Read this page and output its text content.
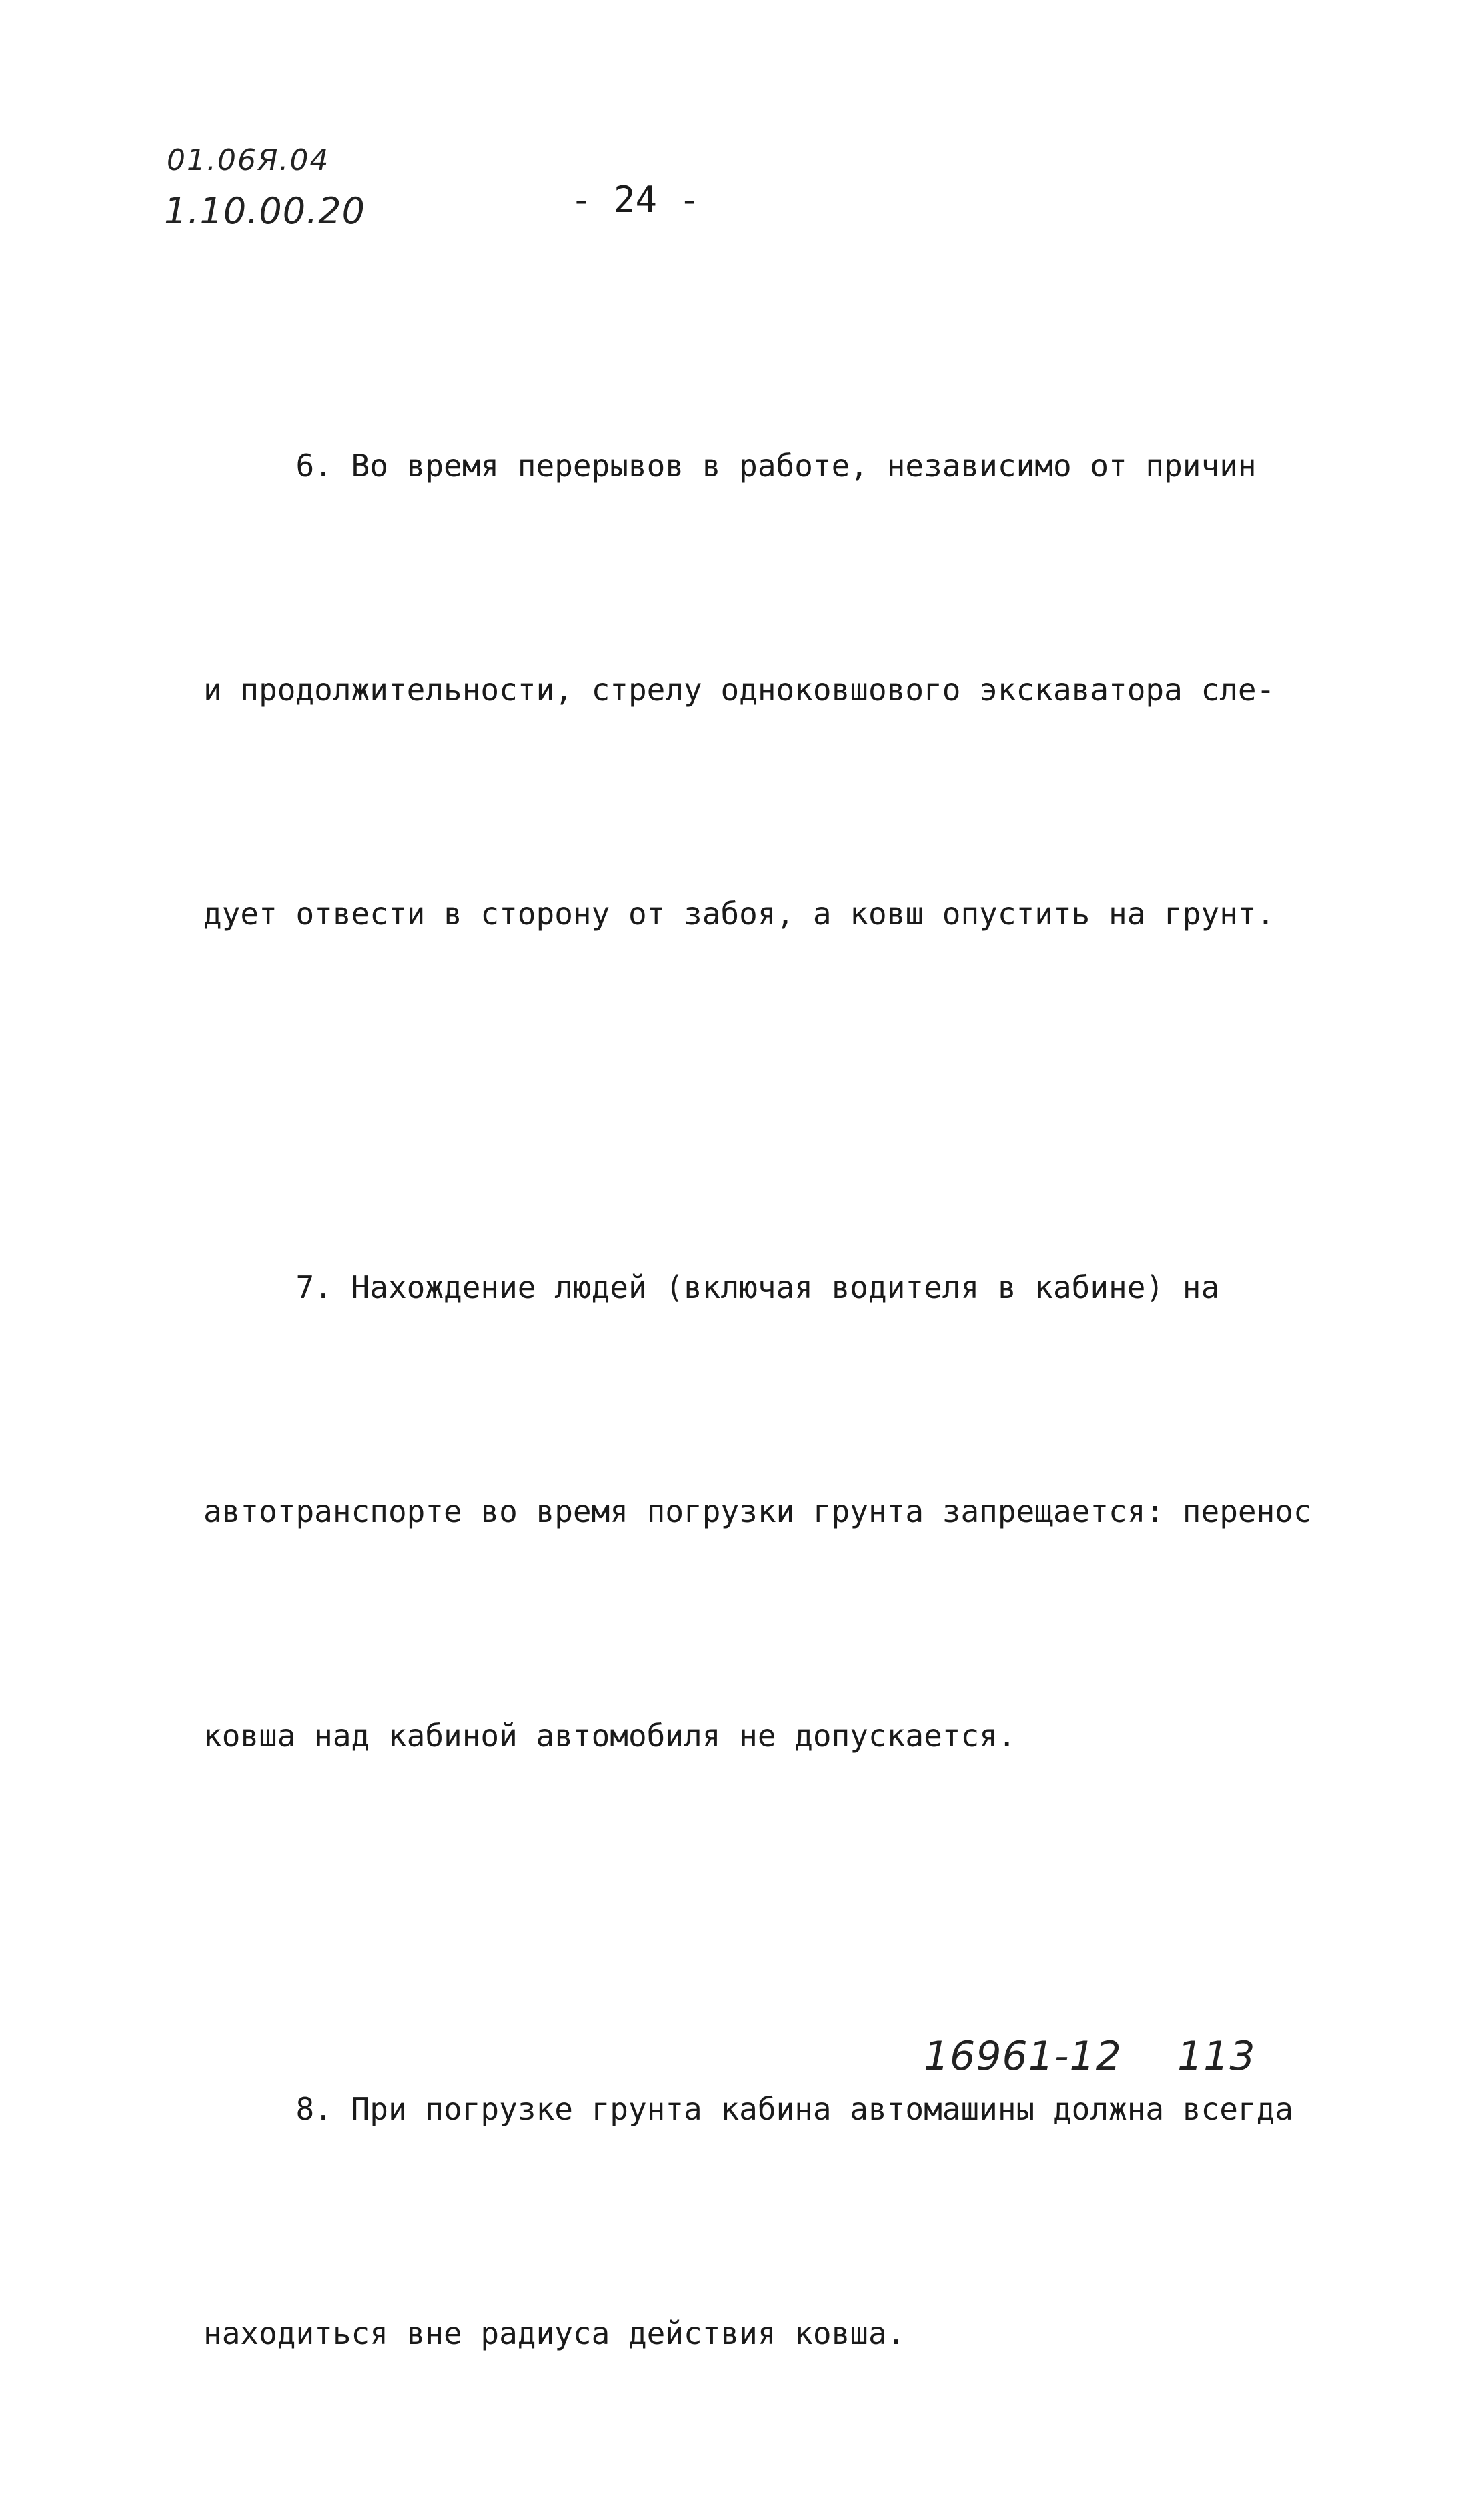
01.06Я.04
1.10.00.20	- 24 -

6. Во время перерывов в работе, независимо от причин

и продолжительности, стрелу одноковшового экскаватора сле-

дует отвести в сторону от забоя, а ковш опустить на грунт.

7. Нахождение людей (включая водителя в кабине) на

автотранспорте во время погрузки грунта запрещается: перенос

ковша над кабиной автомобиля не допускается.

8. При погрузке грунта кабина автомашины должна всегда

находиться вне радиуса действия ковша.

16961-12 113
